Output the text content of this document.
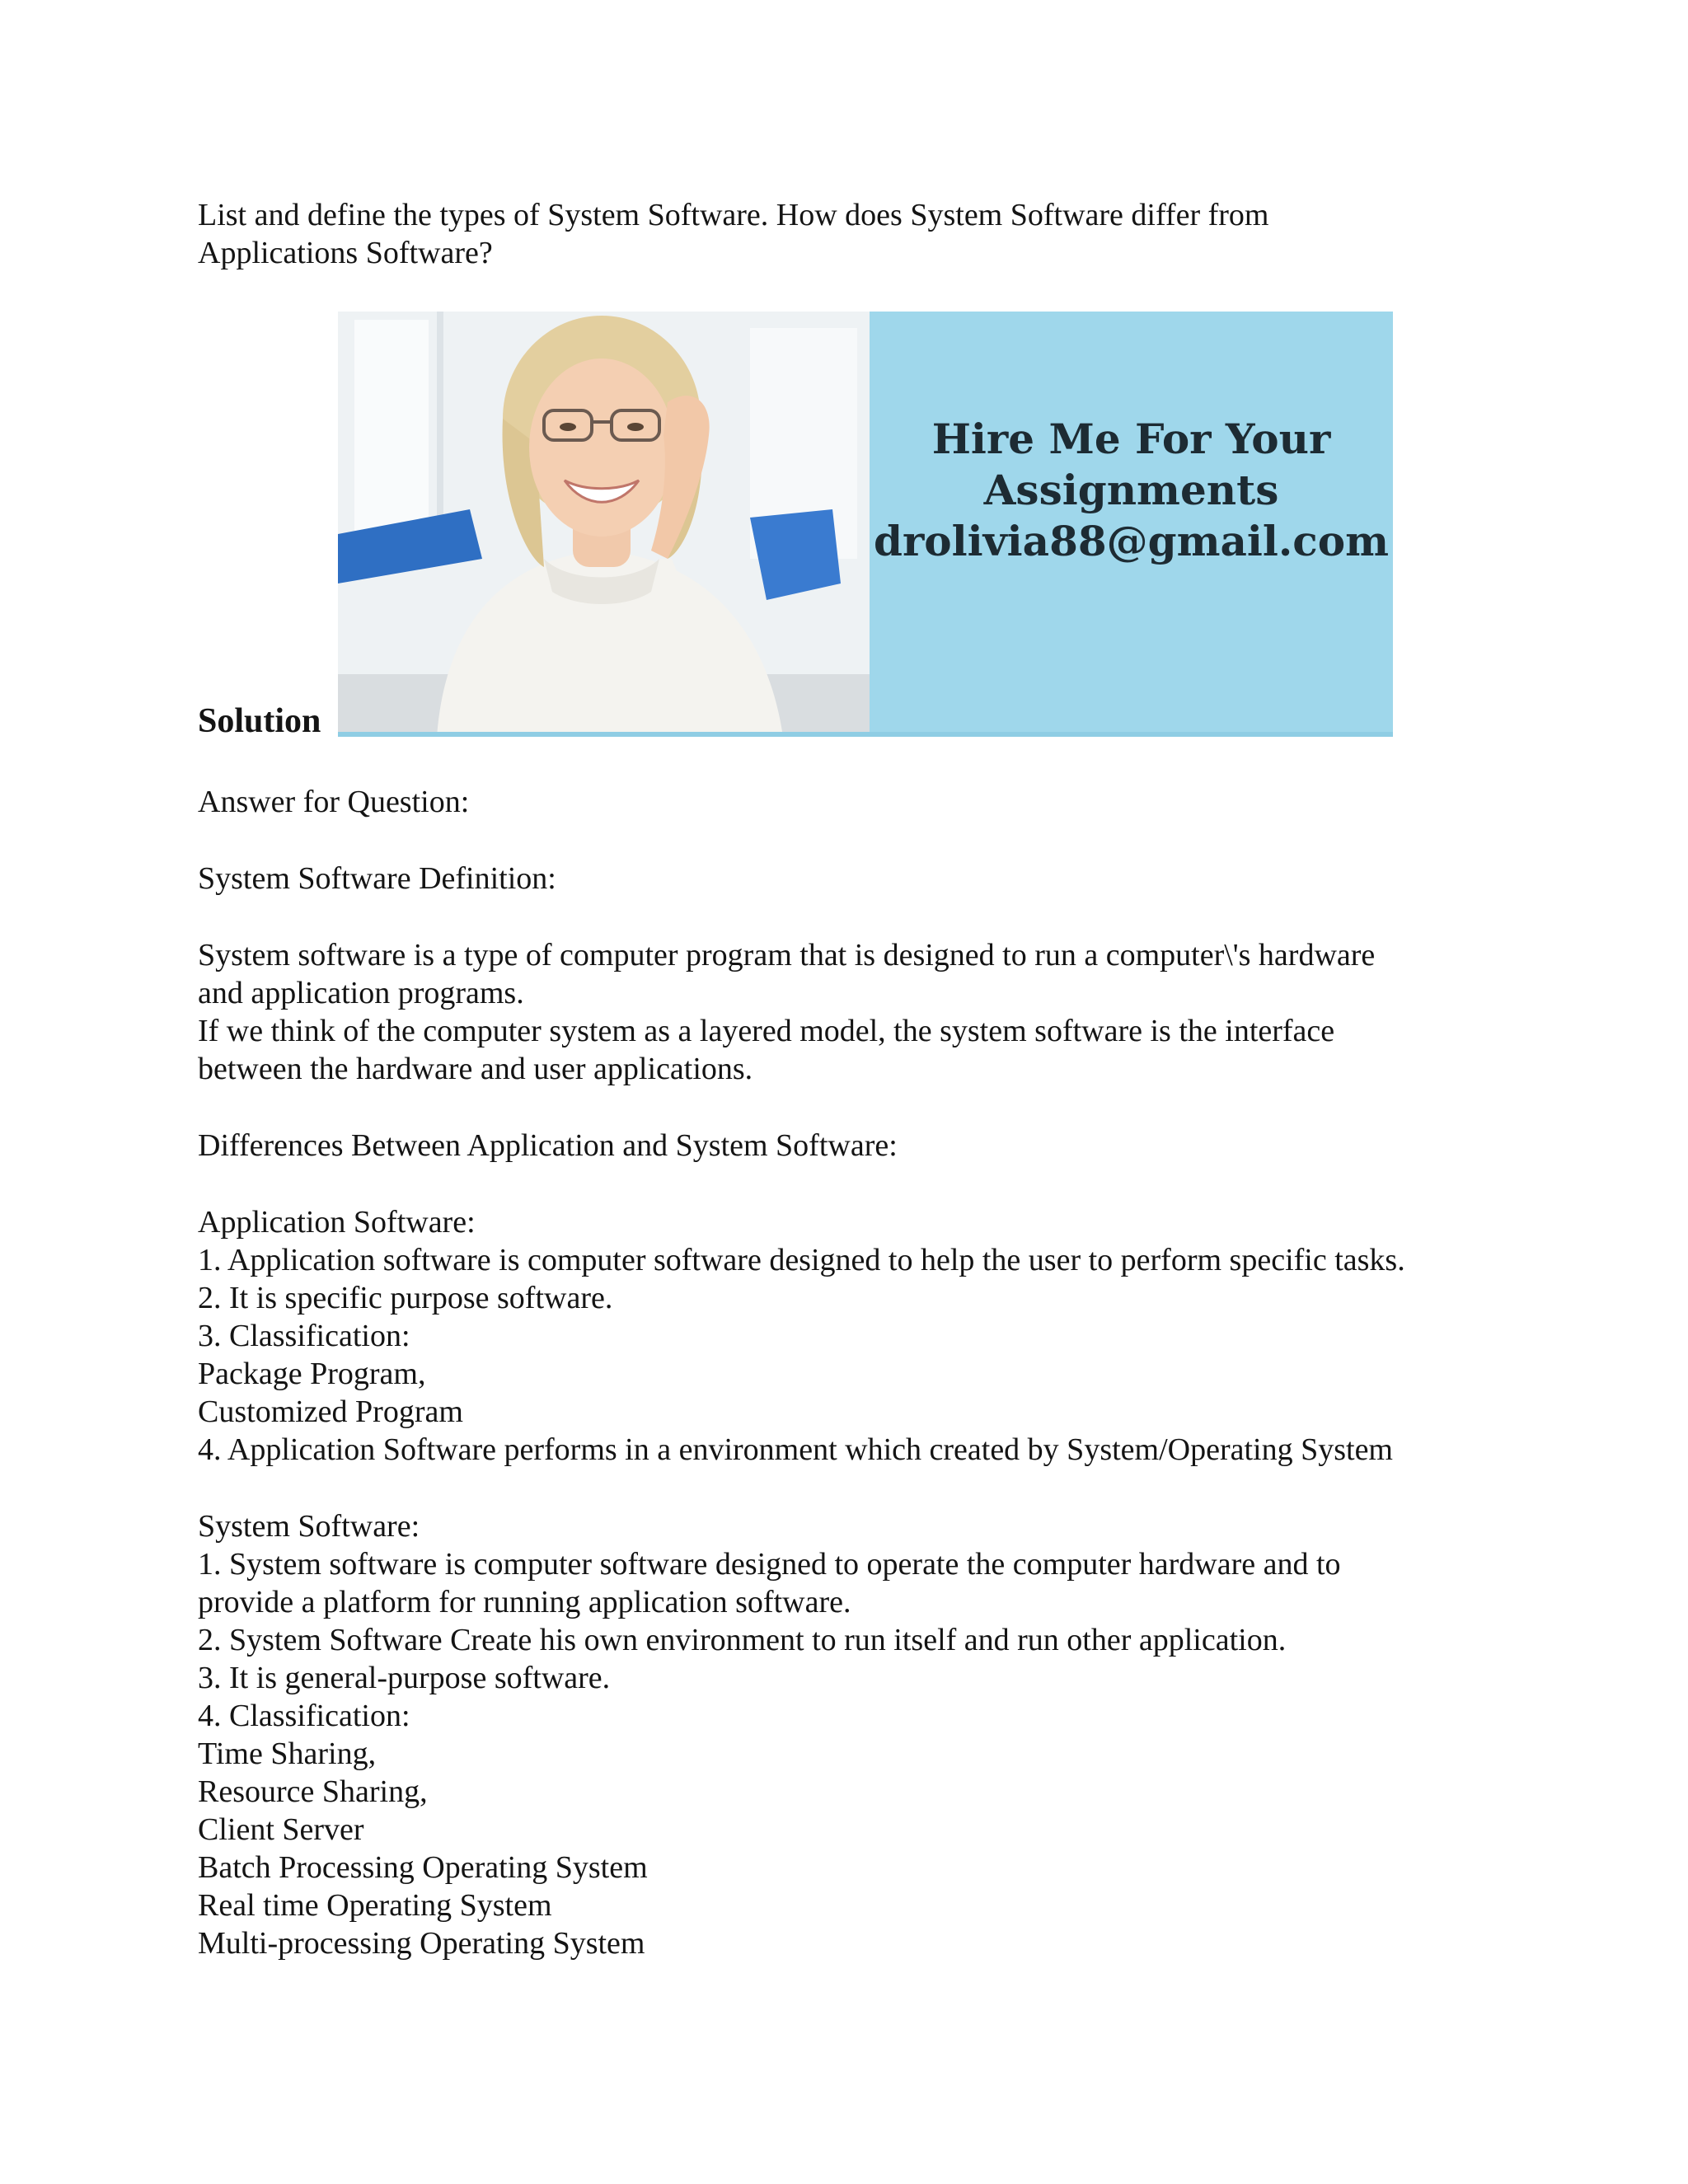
List and define the types of System Software. How does System Software differ from
Applications Software?

Hire Me For Your

Assignments

drolivia88@gmail.com

Solution

Answer for Question:

System Software Definition:

System software is a type of computer program that is designed to run a computer\'s hardware

and application programs.

If we think of the computer system as a layered model, the system software is the interface

between the hardware and user applications.

Differences Between Application and System Software:

Application Software:

1. Application software is computer software designed to help the user to perform specific tasks.

2. It is specific purpose software.

3. Classification:

Package Program,

Customized Program

4. Application Software performs in a environment which created by System/Operating System

System Software:

1. System software is computer software designed to operate the computer hardware and to

provide a platform for running application software.

2. System Software Create his own environment to run itself and run other application.

3. It is general-purpose software.

4. Classification:

Time Sharing,

Resource Sharing,

Client Server

Batch Processing Operating System

Real time Operating System

Multi-processing Operating System
